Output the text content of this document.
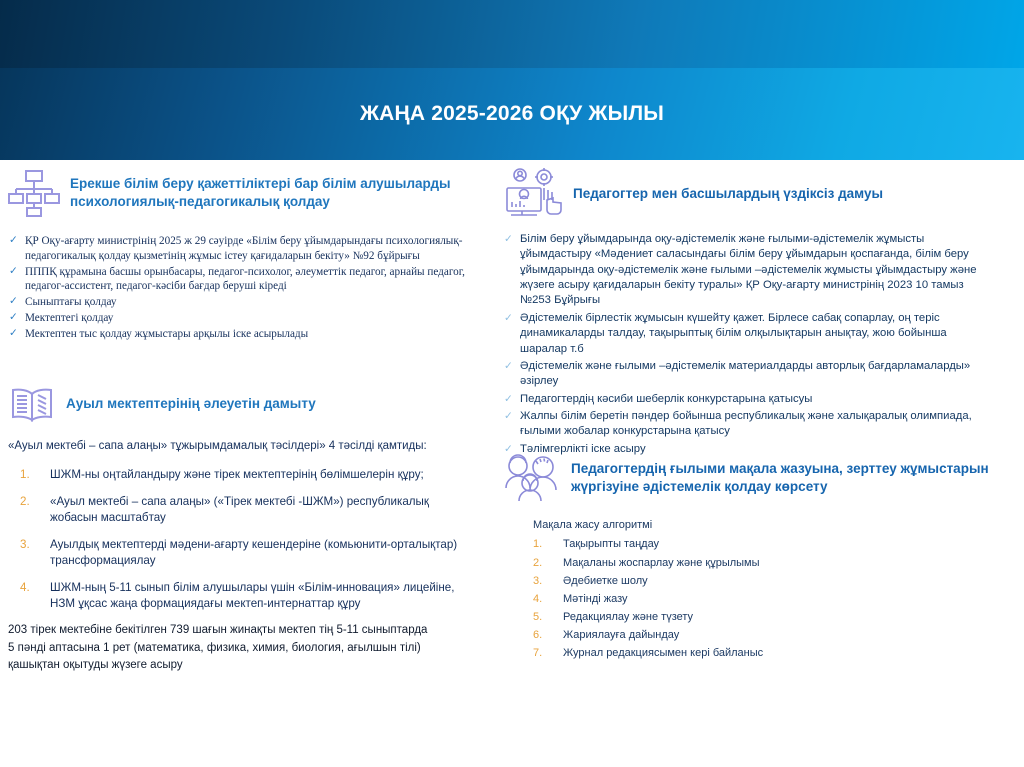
ЖАҢА 2025-2026 ОҚУ ЖЫЛЫ
Ерекше білім беру қажеттіліктері бар білім алушыларды психологиялық-педагогикалық қолдау
✓ ҚР Оқу-ағарту министрінің 2025 ж 29 сәуірде «Білім беру ұйымдарындағы психологиялық-педагогикалық қолдау қызметінің жұмыс істеу қағидаларын бекіту» №92 бұйрығы
✓ ПППҚ құрамына басшы орынбасары, педагог-психолог, әлеуметтік педагог, арнайы педагог, педагог-ассистент, педагог-кәсіби бағдар беруші кіреді
✓ Сыныптағы қолдау
✓ Мектептегі қолдау
✓ Мектептен тыс қолдау жұмыстары арқылы іске асырылады
Ауыл мектептерінің әлеуетін дамыту
«Ауыл мектебі – сапа алаңы» тұжырымдамалық тәсілдері» 4 тәсілді қамтиды:
ШЖМ-ны оңтайландыру және тірек мектептерінің бөлімшелерін құру;
«Ауыл мектебі – сапа алаңы» («Тірек мектебі -ШЖМ») республикалық жобасын масштабтау
Ауылдық мектептерді мәдени-ағарту кешендеріне (комьюнити-орталықтар) трансформациялау
ШЖМ-ның 5-11 сынып білім алушылары үшін «Білім-инновация» лицейіне, НЗМ ұқсас жаңа формациядағы мектеп-интернаттар құру
203 тірек мектебіне бекітілген 739 шағын жинақты мектеп тің 5-11 сыныптарда 5 пәнді аптасына 1 рет (математика, физика, химия, биология, ағылшын тілі) қашықтан оқытуды жүзеге асыру
Педагогтер мен басшылардың үздіксіз дамуы
✓ Білім беру ұйымдарында оқу-әдістемелік және ғылыми-әдістемелік жұмысты ұйымдастыру «Мәдениет саласындағы білім беру ұйымдарын қоспағанда, білім беру ұйымдарында оқу-әдістемелік және ғылыми –әдістемелік жұмысты ұйымдастыру және жүзеге асыру қағидаларын бекіту туралы» ҚР Оқу-ағарту министрінің 2023 10 тамыз №253 Бұйрығы
✓ Әдістемелік бірлестік жұмысын күшейту қажет. Бірлесе сабақ сопарлау, оң теріс динамикаларды талдау, тақырыптық білім олқылықтарын анықтау, жою бойынша шаралар т.б
✓ Әдістемелік және ғылыми –әдістемелік материалдарды авторлық бағдарламаларды» әзірлеу
✓ Педагогтердің кәсиби шеберлік конкурстарына қатысуы
✓ Жалпы білім беретін пәндер бойынша республикалық және халықаралық олимпиада, ғылыми жобалар конкурстарына қатысу
✓ Тәлімгерлікті іске асыру
Педагогтердің ғылыми мақала жазуына, зерттеу жұмыстарын жүргізуіне әдістемелік қолдау көрсету
Мақала жасу алгоритмі
Тақырыпты таңдау
Мақаланы жоспарлау және құрылымы
Әдебиетке шолу
Мәтінді жазу
Редакциялау және түзету
Жариялауға дайындау
Журнал редакциясымен кері байланыс
